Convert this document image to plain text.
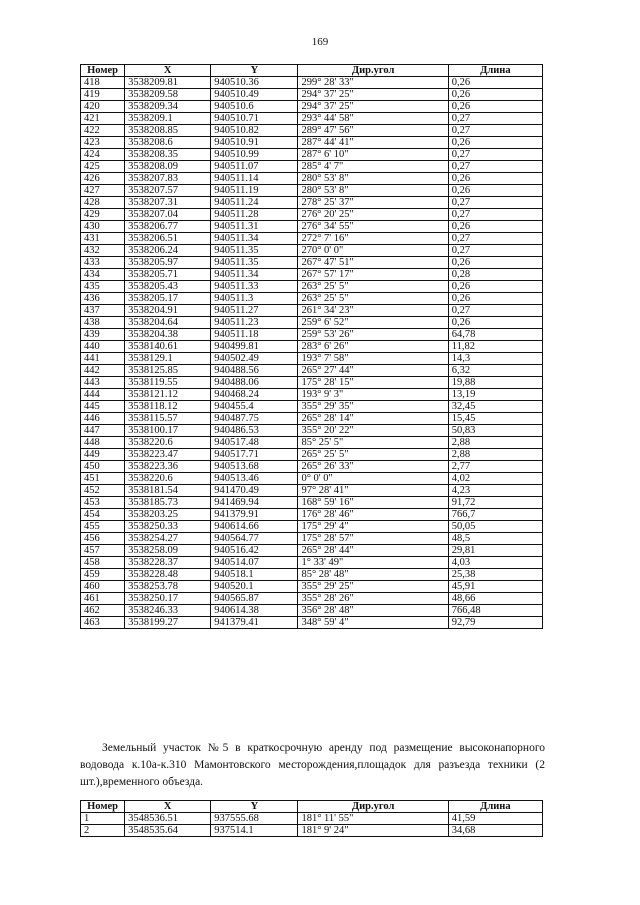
169
Номер	X	Y	Дир.угол	Длина
418	3538209.81	940510.36	299° 28' 33"	0,26
419	3538209.58	940510.49	294° 37' 25"	0,26
420	3538209.34	940510.6	294° 37' 25"	0,26
421	3538209.1	940510.71	293° 44' 58"	0,27
422	3538208.85	940510.82	289° 47' 56"	0,27
423	3538208.6	940510.91	287° 44' 41"	0,26
424	3538208.35	940510.99	287° 6' 10"	0,27
425	3538208.09	940511.07	285° 4' 7"	0,27
426	3538207.83	940511.14	280° 53' 8"	0,26
427	3538207.57	940511.19	280° 53' 8"	0,26
428	3538207.31	940511.24	278° 25' 37"	0,27
429	3538207.04	940511.28	276° 20' 25"	0,27
430	3538206.77	940511.31	276° 34' 55"	0,26
431	3538206.51	940511.34	272° 7' 16"	0,27
432	3538206.24	940511.35	270° 0' 0"	0,27
433	3538205.97	940511.35	267° 47' 51"	0,26
434	3538205.71	940511.34	267° 57' 17"	0,28
435	3538205.43	940511.33	263° 25' 5"	0,26
436	3538205.17	940511.3	263° 25' 5"	0,26
437	3538204.91	940511.27	261° 34' 23"	0,27
438	3538204.64	940511.23	259° 6' 52"	0,26
439	3538204.38	940511.18	259° 53' 26"	64,78
440	3538140.61	940499.81	283° 6' 26"	11,82
441	3538129.1	940502.49	193° 7' 58"	14,3
442	3538125.85	940488.56	265° 27' 44"	6,32
443	3538119.55	940488.06	175° 28' 15"	19,88
444	3538121.12	940468.24	193° 9' 3"	13,19
445	3538118.12	940455.4	355° 29' 35"	32,45
446	3538115.57	940487.75	265° 28' 14"	15,45
447	3538100.17	940486.53	355° 20' 22"	50,83
448	3538220.6	940517.48	85° 25' 5"	2,88
449	3538223.47	940517.71	265° 25' 5"	2,88
450	3538223.36	940513.68	265° 26' 33"	2,77
451	3538220.6	940513.46	0° 0' 0"	4,02
452	3538181.54	941470.49	97° 28' 41"	4,23
453	3538185.73	941469.94	168° 59' 16"	91,72
454	3538203.25	941379.91	176° 28' 46"	766,7
455	3538250.33	940614.66	175° 29' 4"	50,05
456	3538254.27	940564.77	175° 28' 57"	48,5
457	3538258.09	940516.42	265° 28' 44"	29,81
458	3538228.37	940514.07	1° 33' 49"	4,03
459	3538228.48	940518.1	85° 28' 48"	25,38
460	3538253.78	940520.1	355° 29' 25"	45,91
461	3538250.17	940565.87	355° 28' 26"	48,66
462	3538246.33	940614.38	356° 28' 48"	766,48
463	3538199.27	941379.41	348° 59' 4"	92,79
Земельный участок №5 в краткосрочную аренду под размещение высоконапорного водовода к.10а-к.310 Мамонтовского месторождения,площадок для разъезда техники (2 шт.),временного объезда.
Номер	X	Y	Дир.угол	Длина
1	3548536.51	937555.68	181° 11' 55"	41,59
2	3548535.64	937514.1	181° 9' 24"	34,68
